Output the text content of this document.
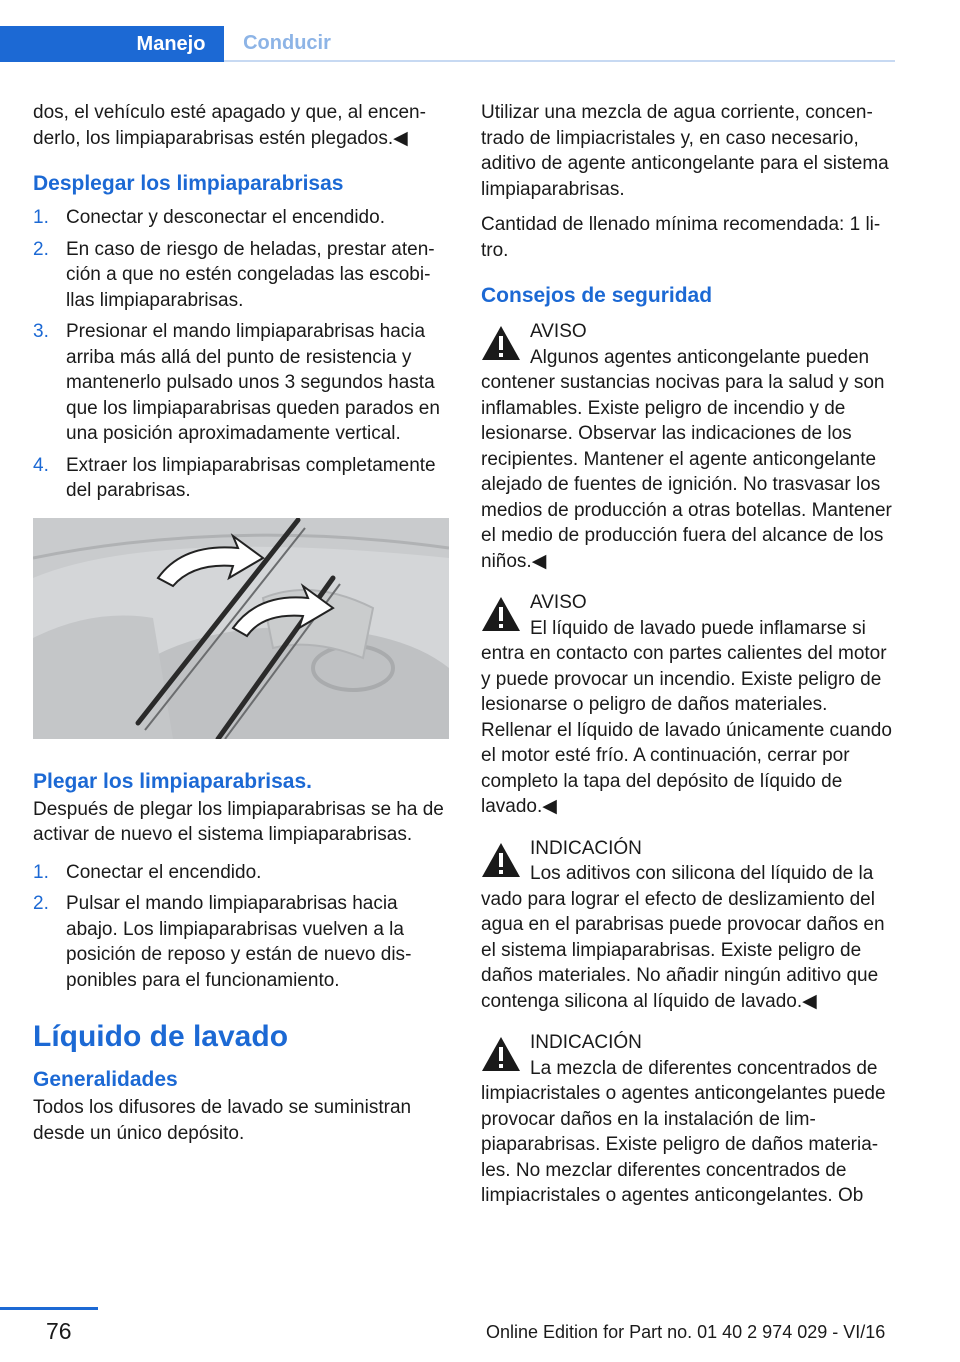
Manejo	Conducir

dos, el vehículo esté apagado y que, al encenderlo, los limpiaparabrisas estén plegados.◀

Desplegar los limpiaparabrisas
1. Conectar y desconectar el encendido.
2. En caso de riesgo de heladas, prestar atención a que no estén congeladas las escobillas limpiaparabrisas.
3. Presionar el mando limpiaparabrisas hacia arriba más allá del punto de resistencia y mantenerlo pulsado unos 3 segundos hasta que los limpiaparabrisas queden parados en una posición aproximadamente vertical.
4. Extraer los limpiaparabrisas completamente del parabrisas.
Plegar los limpiaparabrisas.

Después de plegar los limpiaparabrisas se ha de activar de nuevo el sistema limpiaparabrisas.

1. Conectar el encendido.
2. Pulsar el mando limpiaparabrisas hacia abajo. Los limpiaparabrisas vuelven a la posición de reposo y están de nuevo disponibles para el funcionamiento.
Líquido de lavado
Generalidades

Todos los difusores de lavado se suministran desde un único depósito.

Utilizar una mezcla de agua corriente, concentrado de limpiacristales y, en caso necesario, aditivo de agente anticongelante para el sistema limpiaparabrisas.

Cantidad de llenado mínima recomendada: 1 litro.

Consejos de seguridad
AVISO
Algunos agentes anticongelante pueden
contener sustancias nocivas para la salud y son inflamables. Existe peligro de incendio y de lesionarse. Observar las indicaciones de los recipientes. Mantener el agente anticongelante alejado de fuentes de ignición. No trasvasar los medios de producción a otras botellas. Mantener el medio de producción fuera del alcance de los niños.◀
AVISO
El líquido de lavado puede inflamarse si
entra en contacto con partes calientes del motor y puede provocar un incendio. Existe peligro de lesionarse o peligro de daños materiales. Rellenar el líquido de lavado únicamente cuando el motor esté frío. A continuación, cerrar por completo la tapa del depósito de líquido de lavado.◀
INDICACIÓN
Los aditivos con silicona del líquido de la
vado para lograr el efecto de deslizamiento del agua en el parabrisas puede provocar daños en el sistema limpiaparabrisas. Existe peligro de daños materiales. No añadir ningún aditivo que contenga silicona al líquido de lavado.◀
INDICACIÓN
La mezcla de diferentes concentrados de
limpiacristales o agentes anticongelantes puede provocar daños en la instalación de limpiaparabrisas. Existe peligro de daños materiales. No mezclar diferentes concentrados de limpiacristales o agentes anticongelantes. Ob
76	Online Edition for Part no. 01 40 2 974 029 - VI/16
